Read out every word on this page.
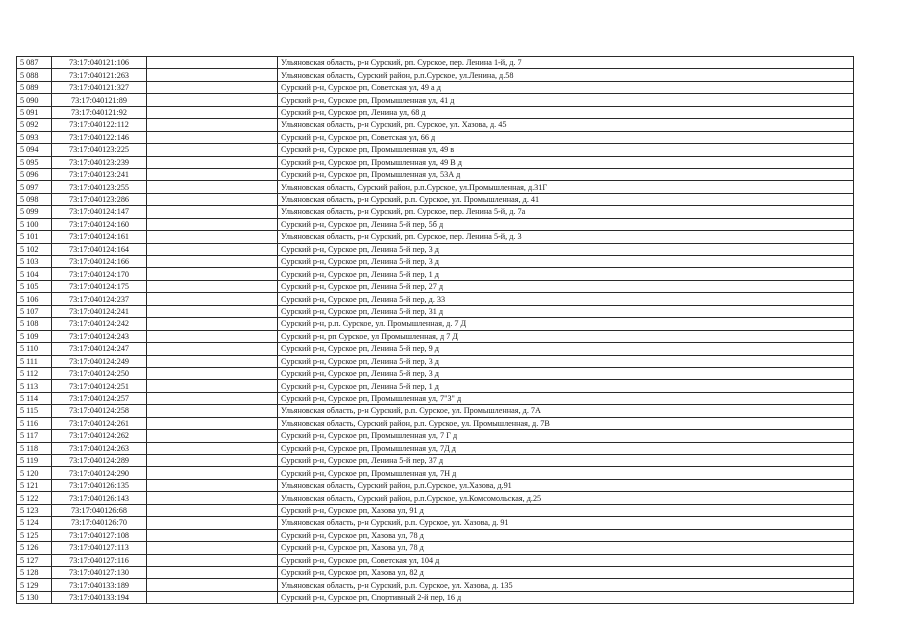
5 087	73:17:040121:106		Ульяновская область, р-н Сурский, рп. Сурское, пер. Ленина 1-й, д. 7
5 088	73:17:040121:263		Ульяновская область, Сурский район, р.п.Сурское, ул.Ленина, д.58
5 089	73:17:040121:327		Сурский р-н, Сурское рп, Советская ул, 49 а д
5 090	73:17:040121:89		Сурский р-н, Сурское рп, Промышленная ул, 41 д
5 091	73:17:040121:92		Сурский р-н, Сурское рп, Ленина ул, 68 д
5 092	73:17:040122:112		Ульяновская область, р-н Сурский, рп. Сурское, ул. Хазова, д. 45
5 093	73:17:040122:146		Сурский р-н, Сурское рп, Советская ул, 66 д
5 094	73:17:040123:225		Сурский р-н, Сурское рп, Промышленная ул, 49 в
5 095	73:17:040123:239		Сурский р-н, Сурское рп, Промышленная ул, 49 В д
5 096	73:17:040123:241		Сурский р-н, Сурское рп, Промышленная ул, 53А д
5 097	73:17:040123:255		Ульяновская область, Сурский район, р.п.Сурское, ул.Промышленная, д.31Г
5 098	73:17:040123:286		Ульяновская область, р-н Сурский, р.п. Сурское, ул. Промышленная, д. 41
5 099	73:17:040124:147		Ульяновская область, р-н Сурский, рп. Сурское, пер. Ленина 5-й, д. 7а
5 100	73:17:040124:160		Сурский р-н, Сурское рп, Ленина 5-й пер, 5б д
5 101	73:17:040124:161		Ульяновская область, р-н Сурский, рп. Сурское, пер. Ленина 5-й, д. 3
5 102	73:17:040124:164		Сурский р-н, Сурское рп, Ленина 5-й пер, 3 д
5 103	73:17:040124:166		Сурский р-н, Сурское рп, Ленина 5-й пер, 3 д
5 104	73:17:040124:170		Сурский р-н, Сурское рп, Ленина 5-й пер, 1 д
5 105	73:17:040124:175		Сурский р-н, Сурское рп, Ленина 5-й пер, 27 д
5 106	73:17:040124:237		Сурский р-н, Сурское рп, Ленина 5-й пер, д. 33
5 107	73:17:040124:241		Сурский р-н, Сурское рп, Ленина 5-й пер, 31 д
5 108	73:17:040124:242		Сурский р-н, р.п. Сурское, ул. Промышленная, д. 7 Д
5 109	73:17:040124:243		Сурский р-н, рп Сурское, ул Промышленная, д 7 Д
5 110	73:17:040124:247		Сурский р-н, Сурское рп, Ленина 5-й пер, 9 д
5 111	73:17:040124:249		Сурский р-н, Сурское рп, Ленина 5-й пер, 3 д
5 112	73:17:040124:250		Сурский р-н, Сурское рп, Ленина 5-й пер, 3 д
5 113	73:17:040124:251		Сурский р-н, Сурское рп, Ленина 5-й пер, 1 д
5 114	73:17:040124:257		Сурский р-н, Сурское рп, Промышленная ул, 7"З" д
5 115	73:17:040124:258		Ульяновская область, р-н Сурский, р.п. Сурское, ул. Промышленная, д. 7А
5 116	73:17:040124:261		Ульяновская область, Сурский район, р.п. Сурское, ул. Промышленная, д. 7В
5 117	73:17:040124:262		Сурский р-н, Сурское рп, Промышленная ул, 7 Г д
5 118	73:17:040124:263		Сурский р-н, Сурское рп, Промышленная ул, 7Д д
5 119	73:17:040124:289		Сурский р-н, Сурское рп, Ленина 5-й пер, 37 д
5 120	73:17:040124:290		Сурский р-н, Сурское рп, Промышленная ул, 7Н д
5 121	73:17:040126:135		Ульяновская область, Сурский район, р.п.Сурское, ул.Хазова, д.91
5 122	73:17:040126:143		Ульяновская область, Сурский район, р.п.Сурское, ул.Комсомольская, д.25
5 123	73:17:040126:68		Сурский р-н, Сурское рп, Хазова ул, 91 д
5 124	73:17:040126:70		Ульяновская область, р-н Сурский, р.п. Сурское, ул. Хазова, д. 91
5 125	73:17:040127:108		Сурский р-н, Сурское рп, Хазова ул, 78 д
5 126	73:17:040127:113		Сурский р-н, Сурское рп, Хазова ул, 78 д
5 127	73:17:040127:116		Сурский р-н, Сурское рп, Советская ул, 104 д
5 128	73:17:040127:130		Сурский р-н, Сурское рп, Хазова ул, 82 д
5 129	73:17:040133:189		Ульяновская область, р-н Сурский, р.п. Сурское, ул. Хазова, д. 135
5 130	73:17:040133:194		Сурский р-н, Сурское рп, Спортивный 2-й пер, 16 д
